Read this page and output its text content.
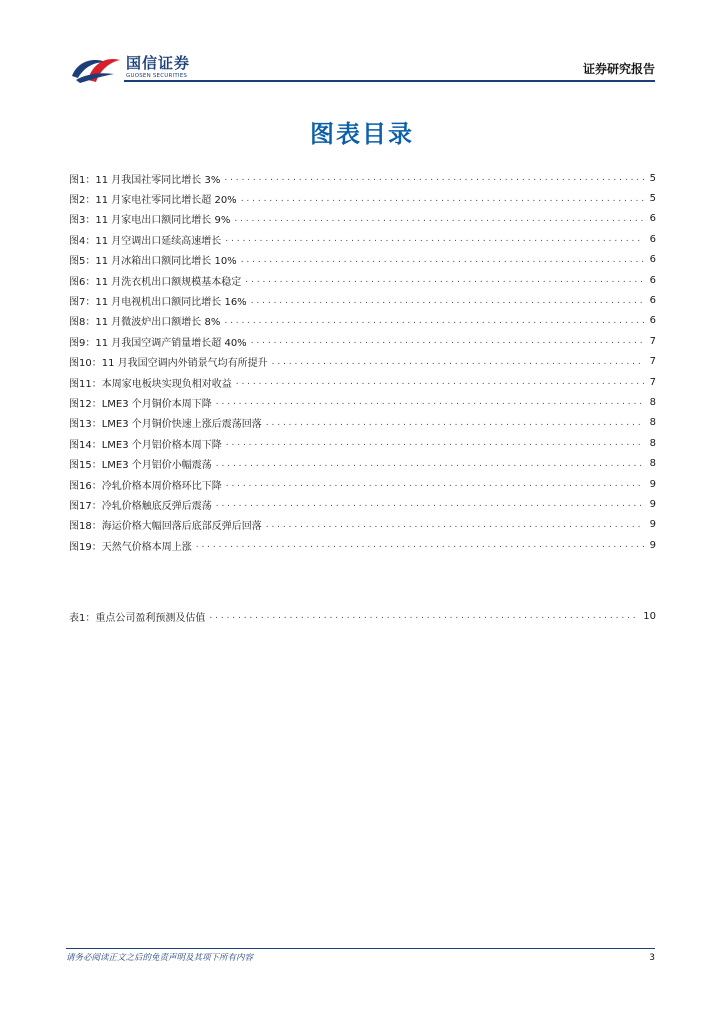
国信证券
GUOSEN SECURITIES	证券研究报告
图表目录
图1： 11 月我国社零同比增长 3% . . .	5
图2： 11 月家电社零同比增长超 20% . . .	5
图3： 11 月家电出口额同比增长 9% . . .	6
图4： 11 月空调出口延续高速增长 . . .	6
图5： 11 月冰箱出口额同比增长 10% . . .	6
图6： 11 月洗衣机出口额规模基本稳定 . . .	6
图7： 11 月电视机出口额同比增长 16% . . .	6
图8： 11 月微波炉出口额增长 8% . . .	6
图9： 11 月我国空调产销量增长超 40% . . .	7
图10： 11 月我国空调内外销景气均有所提升 . . .	7
图11： 本周家电板块实现负相对收益 . . .	7
图12： LME3 个月铜价本周下降 . . .	8
图13： LME3 个月铜价快速上涨后震荡回落 . . .	8
图14： LME3 个月铝价格本周下降 . . .	8
图15： LME3 个月铝价小幅震荡 . . .	8
图16： 冷轧价格本周价格环比下降 . . .	9
图17： 冷轧价格触底反弹后震荡 . . .	9
图18： 海运价格大幅回落后底部反弹后回落 . . .	9
图19： 天然气价格本周上涨 . . .	9
表1： 重点公司盈利预测及估值 . . .	10
请务必阅读正文之后的免责声明及其项下所有内容	3
